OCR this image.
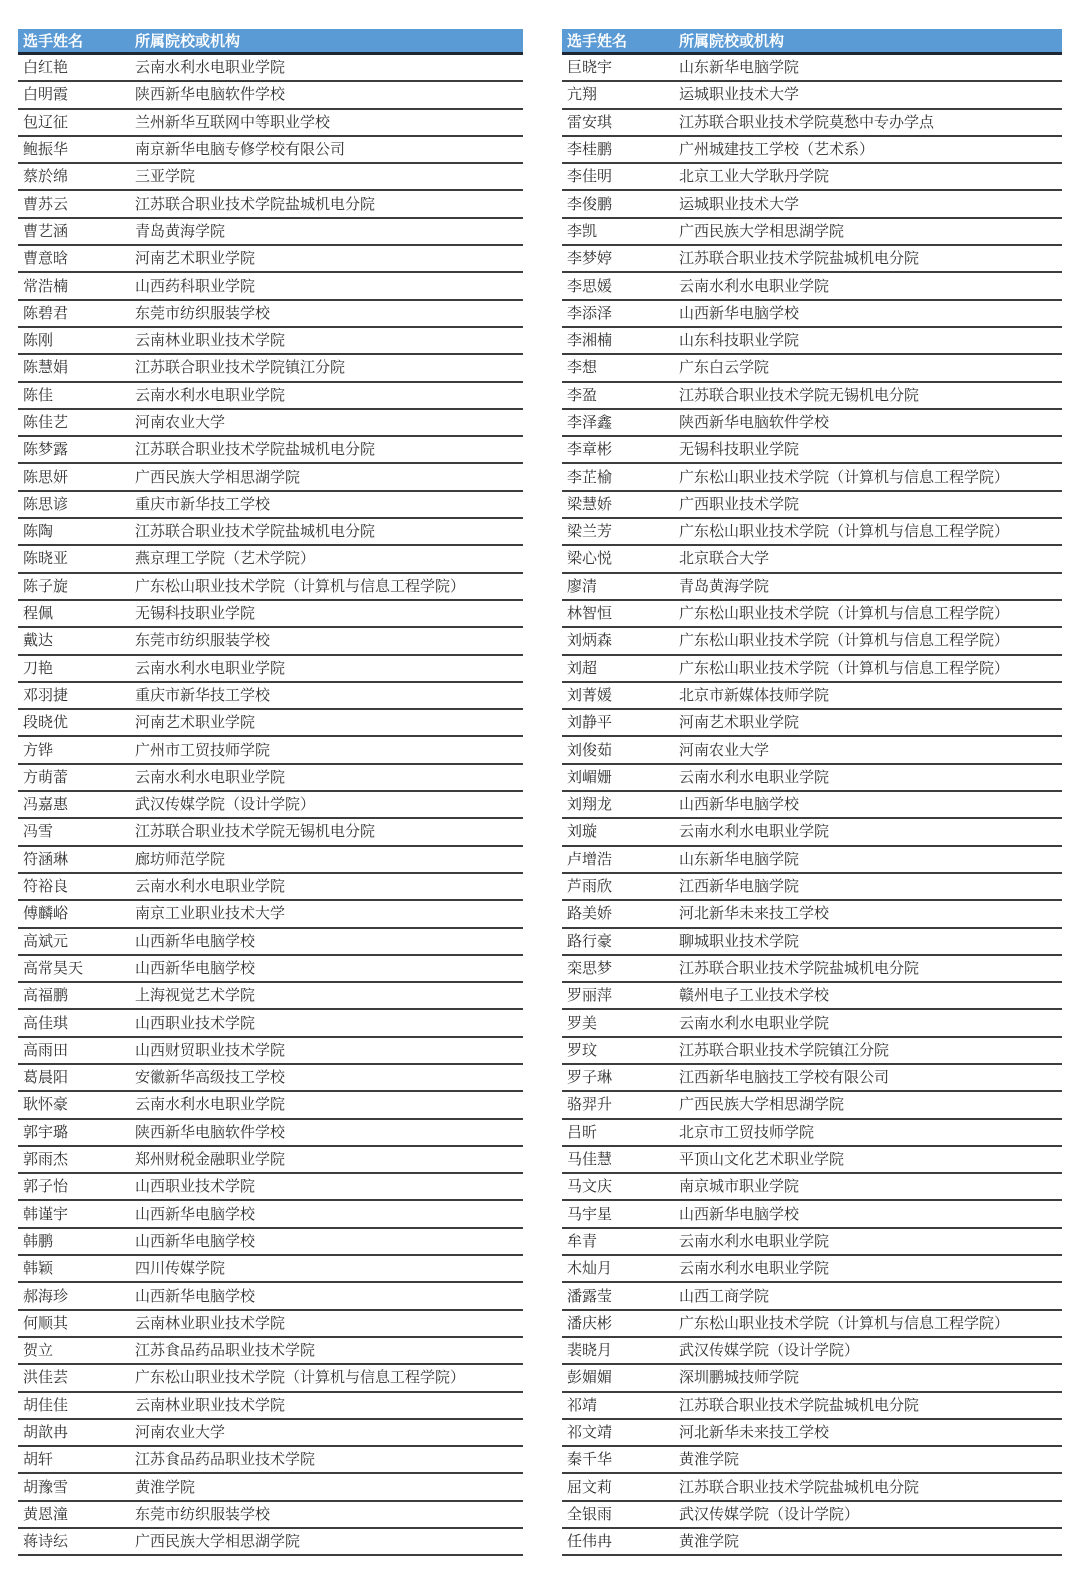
选手姓名	所属院校或机构
白红艳	云南水利水电职业学院
白明霞	陕西新华电脑软件学校
包辽征	兰州新华互联网中等职业学校
鲍振华	南京新华电脑专修学校有限公司
蔡於绵	三亚学院
曹苏云	江苏联合职业技术学院盐城机电分院
曹艺涵	青岛黄海学院
曹意晗	河南艺术职业学院
常浩楠	山西药科职业学院
陈碧君	东莞市纺织服装学校
陈刚	云南林业职业技术学院
陈慧娟	江苏联合职业技术学院镇江分院
陈佳	云南水利水电职业学院
陈佳艺	河南农业大学
陈梦露	江苏联合职业技术学院盐城机电分院
陈思妍	广西民族大学相思湖学院
陈思谚	重庆市新华技工学校
陈陶	江苏联合职业技术学院盐城机电分院
陈晓亚	燕京理工学院（艺术学院）
陈子旋	广东松山职业技术学院（计算机与信息工程学院）
程佩	无锡科技职业学院
戴达	东莞市纺织服装学校
刀艳	云南水利水电职业学院
邓羽捷	重庆市新华技工学校
段晓优	河南艺术职业学院
方铧	广州市工贸技师学院
方萌蕾	云南水利水电职业学院
冯嘉惠	武汉传媒学院（设计学院）
冯雪	江苏联合职业技术学院无锡机电分院
符涵琳	廊坊师范学院
符裕良	云南水利水电职业学院
傅麟峪	南京工业职业技术大学
高斌元	山西新华电脑学校
高常昊天	山西新华电脑学校
高福鹏	上海视觉艺术学院
高佳琪	山西职业技术学院
高雨田	山西财贸职业技术学院
葛晨阳	安徽新华高级技工学校
耿怀豪	云南水利水电职业学院
郭宇璐	陕西新华电脑软件学校
郭雨杰	郑州财税金融职业学院
郭子怡	山西职业技术学院
韩谨宇	山西新华电脑学校
韩鹏	山西新华电脑学校
韩颖	四川传媒学院
郝海珍	山西新华电脑学校
何顺其	云南林业职业技术学院
贺立	江苏食品药品职业技术学院
洪佳芸	广东松山职业技术学院（计算机与信息工程学院）
胡佳佳	云南林业职业技术学院
胡歆冉	河南农业大学
胡轩	江苏食品药品职业技术学院
胡豫雪	黄淮学院
黄恩潼	东莞市纺织服装学校
蒋诗纭	广西民族大学相思湖学院
选手姓名	所属院校或机构
巨晓宇	山东新华电脑学院
亢翔	运城职业技术大学
雷安琪	江苏联合职业技术学院莫愁中专办学点
李桂鹏	广州城建技工学校（艺术系）
李佳明	北京工业大学耿丹学院
李俊鹏	运城职业技术大学
李凯	广西民族大学相思湖学院
李梦婷	江苏联合职业技术学院盐城机电分院
李思媛	云南水利水电职业学院
李添泽	山西新华电脑学校
李湘楠	山东科技职业学院
李想	广东白云学院
李盈	江苏联合职业技术学院无锡机电分院
李泽鑫	陕西新华电脑软件学校
李章彬	无锡科技职业学院
李芷榆	广东松山职业技术学院（计算机与信息工程学院）
梁慧娇	广西职业技术学院
梁兰芳	广东松山职业技术学院（计算机与信息工程学院）
梁心悦	北京联合大学
廖清	青岛黄海学院
林智恒	广东松山职业技术学院（计算机与信息工程学院）
刘炳森	广东松山职业技术学院（计算机与信息工程学院）
刘超	广东松山职业技术学院（计算机与信息工程学院）
刘菁媛	北京市新媒体技师学院
刘静平	河南艺术职业学院
刘俊茹	河南农业大学
刘嵋姗	云南水利水电职业学院
刘翔龙	山西新华电脑学校
刘璇	云南水利水电职业学院
卢增浩	山东新华电脑学院
芦雨欣	江西新华电脑学院
路美娇	河北新华未来技工学校
路行豪	聊城职业技术学院
栾思梦	江苏联合职业技术学院盐城机电分院
罗丽萍	赣州电子工业技术学校
罗美	云南水利水电职业学院
罗玟	江苏联合职业技术学院镇江分院
罗子琳	江西新华电脑技工学校有限公司
骆羿升	广西民族大学相思湖学院
吕昕	北京市工贸技师学院
马佳慧	平顶山文化艺术职业学院
马文庆	南京城市职业学院
马宇星	山西新华电脑学校
牟青	云南水利水电职业学院
木灿月	云南水利水电职业学院
潘露莹	山西工商学院
潘庆彬	广东松山职业技术学院（计算机与信息工程学院）
裴晓月	武汉传媒学院（设计学院）
彭媚媚	深圳鹏城技师学院
祁靖	江苏联合职业技术学院盐城机电分院
祁文靖	河北新华未来技工学校
秦千华	黄淮学院
屈文莉	江苏联合职业技术学院盐城机电分院
全银雨	武汉传媒学院（设计学院）
任伟冉	黄淮学院
